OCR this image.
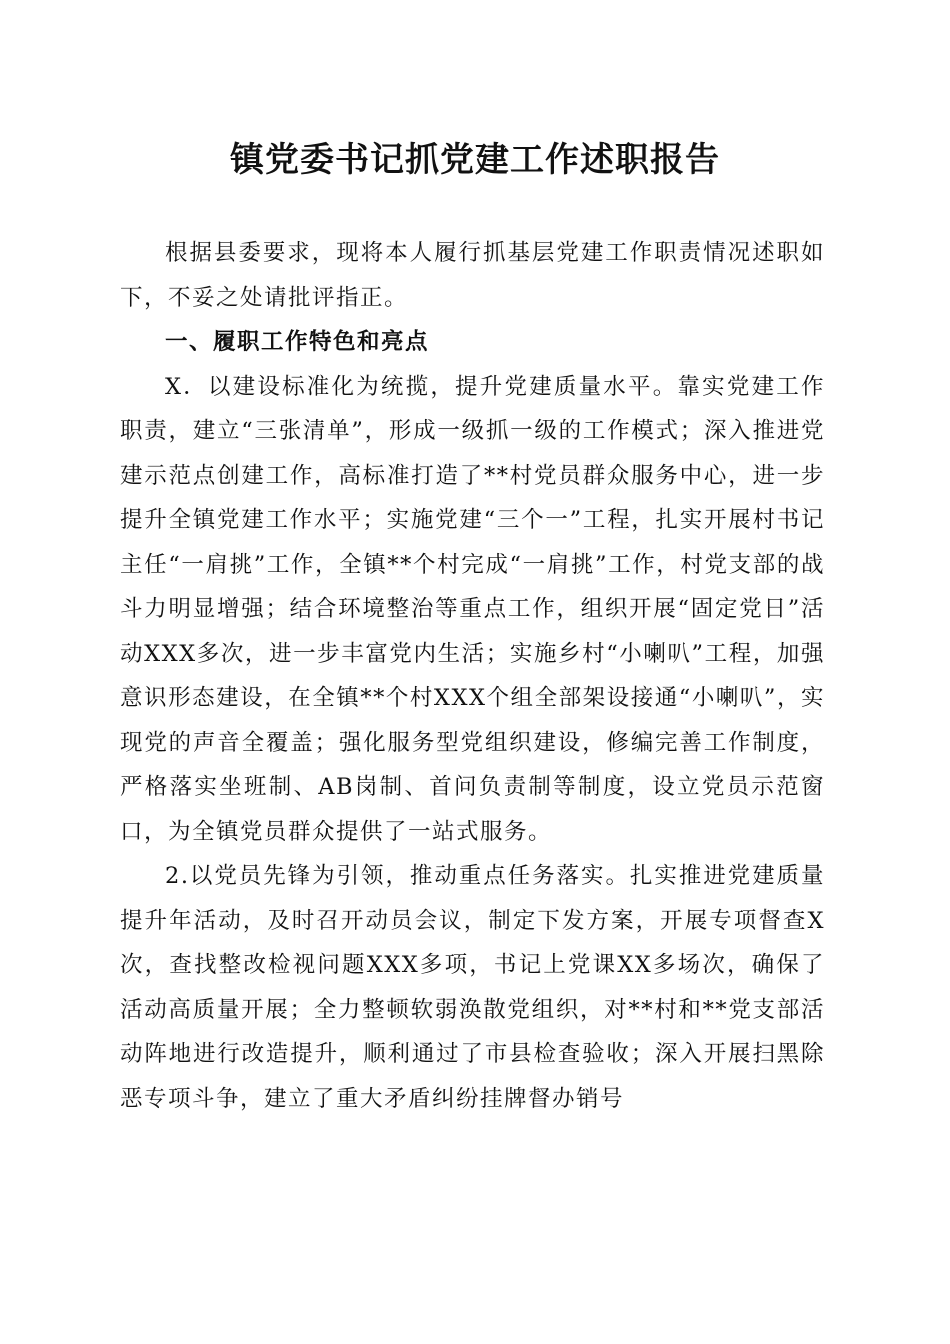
镇党委书记抓党建工作述职报告

根据县委要求，现将本人履行抓基层党建工作职责情况述职如下，不妥之处请批评指正。

一、履职工作特色和亮点

X．以建设标准化为统揽，提升党建质量水平。靠实党建工作职责，建立“三张清单”，形成一级抓一级的工作模式；深入推进党建示范点创建工作，高标准打造了**村党员群众服务中心，进一步提升全镇党建工作水平；实施党建“三个一”工程，扎实开展村书记主任“一肩挑”工作，全镇**个村完成“一肩挑”工作，村党支部的战斗力明显增强；结合环境整治等重点工作，组织开展“固定党日”活动XXX多次，进一步丰富党内生活；实施乡村“小喇叭”工程，加强意识形态建设，在全镇**个村XXX个组全部架设接通“小喇叭”，实现党的声音全覆盖；强化服务型党组织建设，修编完善工作制度，严格落实坐班制、AB岗制、首问负责制等制度，设立党员示范窗口，为全镇党员群众提供了一站式服务。

2.以党员先锋为引领，推动重点任务落实。扎实推进党建质量提升年活动，及时召开动员会议，制定下发方案，开展专项督查X次，查找整改检视问题XXX多项，书记上党课XX多场次，确保了活动高质量开展；全力整顿软弱涣散党组织，对**村和**党支部活动阵地进行改造提升，顺利通过了市县检查验收；深入开展扫黑除恶专项斗争，建立了重大矛盾纠纷挂牌督办销号
